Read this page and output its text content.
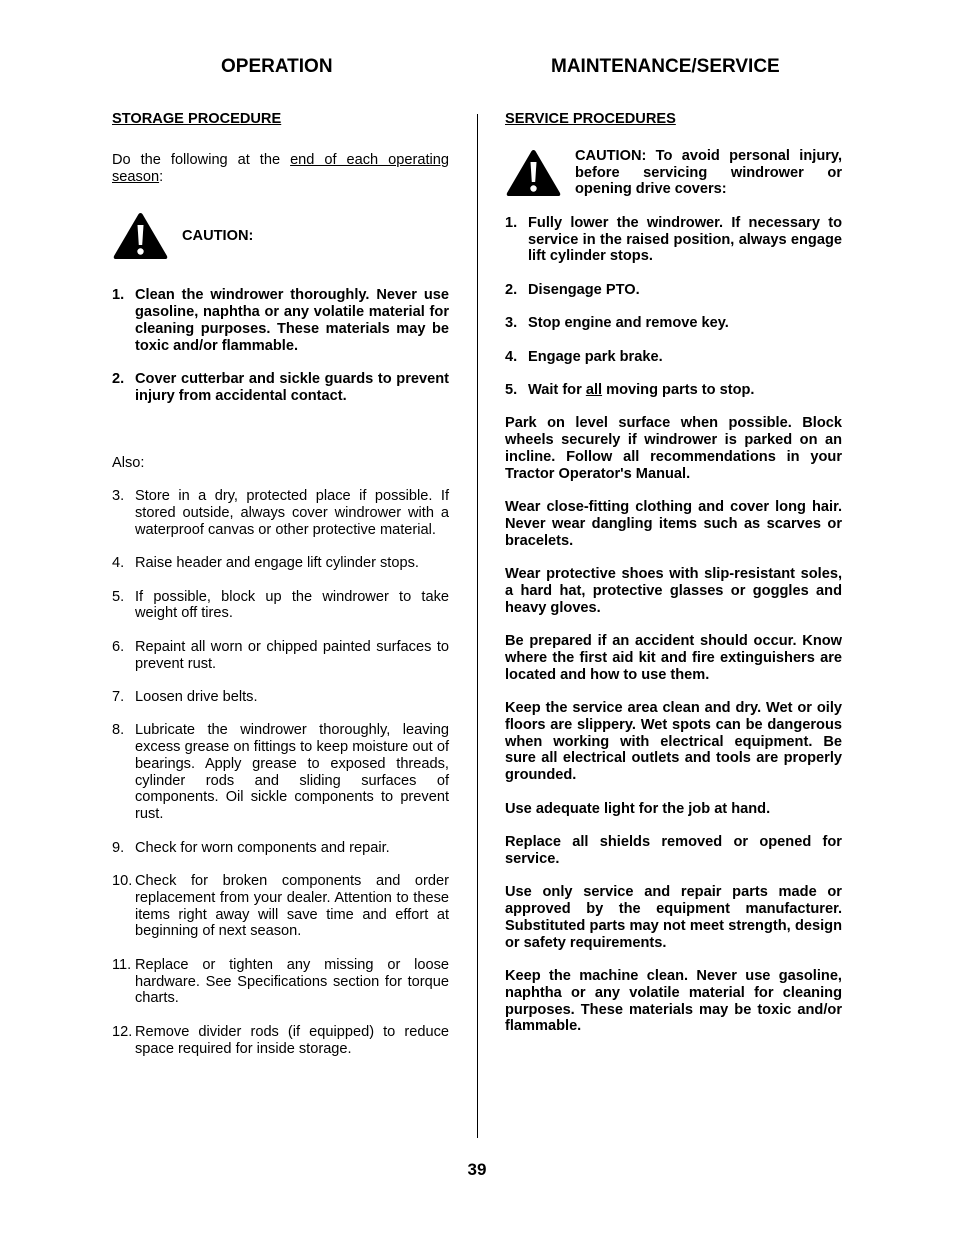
OPERATION	MAINTENANCE/SERVICE

STORAGE PROCEDURE

Do the following at the end of each operating season:

CAUTION:
1. Clean the windrower thoroughly. Never use gasoline, naphtha or any volatile material for cleaning purposes. These materials may be toxic and/or flammable.
2. Cover cutterbar and sickle guards to prevent injury from accidental contact.

Also:

3. Store in a dry, protected place if possible. If stored outside, always cover windrower with a waterproof canvas or other protective material.
4. Raise header and engage lift cylinder stops.
5. If possible, block up the windrower to take weight off tires.
6. Repaint all worn or chipped painted surfaces to prevent rust.
7. Loosen drive belts.
8. Lubricate the windrower thoroughly, leaving excess grease on fittings to keep moisture out of bearings. Apply grease to exposed threads, cylinder rods and sliding surfaces of components. Oil sickle components to prevent rust.
9. Check for worn components and repair.
10. Check for broken components and order replacement from your dealer. Attention to these items right away will save time and effort at beginning of next season.
11. Replace or tighten any missing or loose hardware. See Specifications section for torque charts.
12. Remove divider rods (if equipped) to reduce space required for inside storage.

SERVICE PROCEDURES

CAUTION: To avoid personal injury, before servicing windrower or opening drive covers:
1. Fully lower the windrower. If necessary to service in the raised position, always engage lift cylinder stops.
2. Disengage PTO.
3. Stop engine and remove key.
4. Engage park brake.
5. Wait for all moving parts to stop.

Park on level surface when possible. Block wheels securely if windrower is parked on an incline. Follow all recommendations in your Tractor Operator's Manual.

Wear close-fitting clothing and cover long hair. Never wear dangling items such as scarves or bracelets.

Wear protective shoes with slip-resistant soles, a hard hat, protective glasses or goggles and heavy gloves.

Be prepared if an accident should occur. Know where the first aid kit and fire extinguishers are located and how to use them.

Keep the service area clean and dry. Wet or oily floors are slippery. Wet spots can be dangerous when working with electrical equipment. Be sure all electrical outlets and tools are properly grounded.

Use adequate light for the job at hand.

Replace all shields removed or opened for service.

Use only service and repair parts made or approved by the equipment manufacturer. Substituted parts may not meet strength, design or safety requirements.

Keep the machine clean. Never use gasoline, naphtha or any volatile material for cleaning purposes. These materials may be toxic and/or flammable.

39
